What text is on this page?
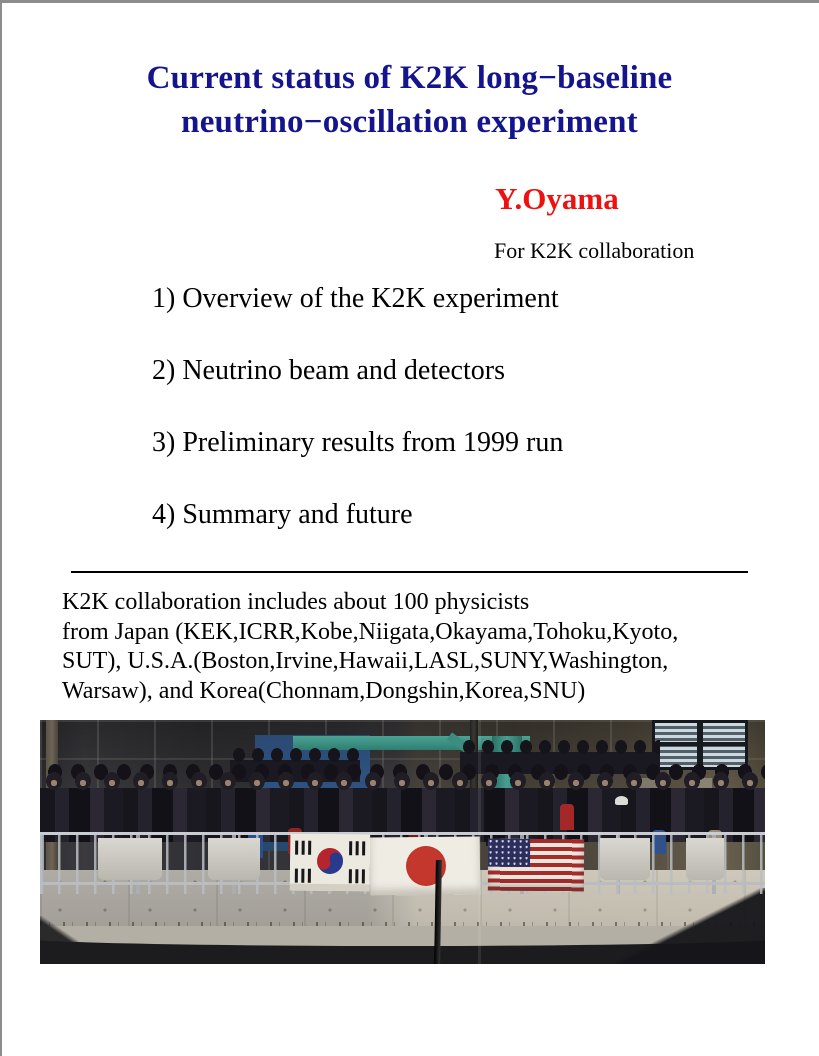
Current status of K2K long−baseline
neutrino−oscillation experiment
Y.Oyama
For K2K collaboration
1) Overview of the K2K experiment
2) Neutrino beam and detectors
3) Preliminary results from 1999 run
4) Summary and future
K2K collaboration includes about 100 physicists
from Japan (KEK,ICRR,Kobe,Niigata,Okayama,Tohoku,Kyoto,
SUT), U.S.A.(Boston,Irvine,Hawaii,LASL,SUNY,Washington,
Warsaw), and Korea(Chonnam,Dongshin,Korea,SNU)
